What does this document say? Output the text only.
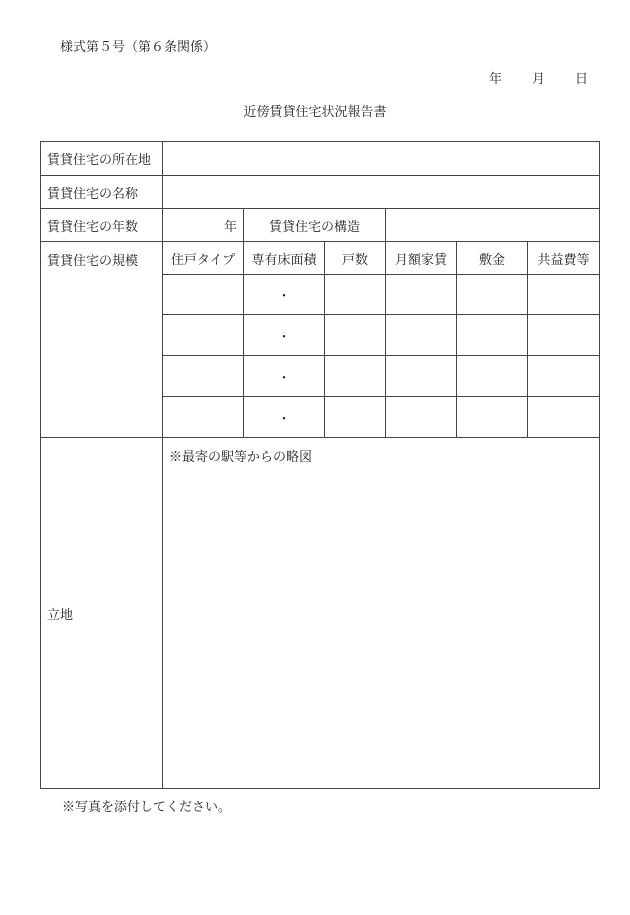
様式第５号（第６条関係）
年 月 日
近傍賃貸住宅状況報告書
賃貸住宅の所在地						
賃貸住宅の名称						
賃貸住宅の年数	年	賃貸住宅の構造				
賃貸住宅の規模	住戸タイプ	専有床面積	戸数	月額家賃	敷金	共益費等
		・				
		・				
		・				
		・				
立地	※最寄の駅等からの略図					
※写真を添付してください。
